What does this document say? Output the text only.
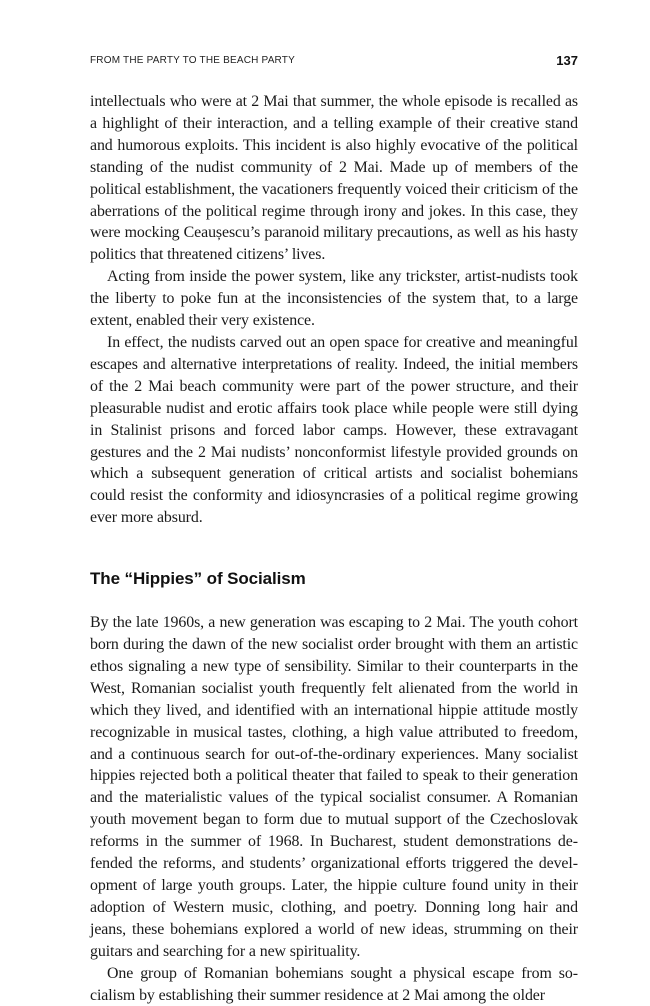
FROM THE PARTY TO THE BEACH PARTY	137

intellectuals who were at 2 Mai that summer, the whole episode is recalled as a highlight of their interaction, and a telling example of their creative stand and humorous exploits. This incident is also highly evocative of the political standing of the nudist community of 2 Mai. Made up of members of the political establishment, the vacationers frequently voiced their criticism of the aberrations of the political regime through irony and jokes. In this case, they were mocking Ceaușescu’s paranoid military precautions, as well as his hasty politics that threatened citizens’ lives.

Acting from inside the power system, like any trickster, artist-nudists took the liberty to poke fun at the inconsistencies of the system that, to a large extent, enabled their very existence.

In effect, the nudists carved out an open space for creative and meaningful escapes and alternative interpretations of reality. Indeed, the initial members of the 2 Mai beach community were part of the power structure, and their pleasurable nudist and erotic affairs took place while people were still dying in Stalinist prisons and forced labor camps. However, these extravagant gestures and the 2 Mai nudists’ nonconformist lifestyle provided grounds on which a subsequent generation of critical artists and socialist bohemians could resist the conformity and idiosyncrasies of a political regime growing ever more absurd.

The “Hippies” of Socialism

By the late 1960s, a new generation was escaping to 2 Mai. The youth cohort born during the dawn of the new socialist order brought with them an artistic ethos signaling a new type of sensibility. Similar to their counterparts in the West, Romanian socialist youth frequently felt alienated from the world in which they lived, and identified with an international hippie attitude mostly recognizable in musical tastes, clothing, a high value attributed to freedom, and a continuous search for out-of-the-ordinary experiences. Many socialist hippies rejected both a political theater that failed to speak to their generation and the materialistic values of the typical socialist consumer. A Romanian youth movement began to form due to mutual support of the Czechoslovak reforms in the summer of 1968. In Bucharest, student demonstrations defended the reforms, and students’ organizational efforts triggered the development of large youth groups. Later, the hippie culture found unity in their adoption of Western music, clothing, and poetry. Donning long hair and jeans, these bohemians explored a world of new ideas, strumming on their guitars and searching for a new spirituality.

One group of Romanian bohemians sought a physical escape from socialism by establishing their summer residence at 2 Mai among the older
